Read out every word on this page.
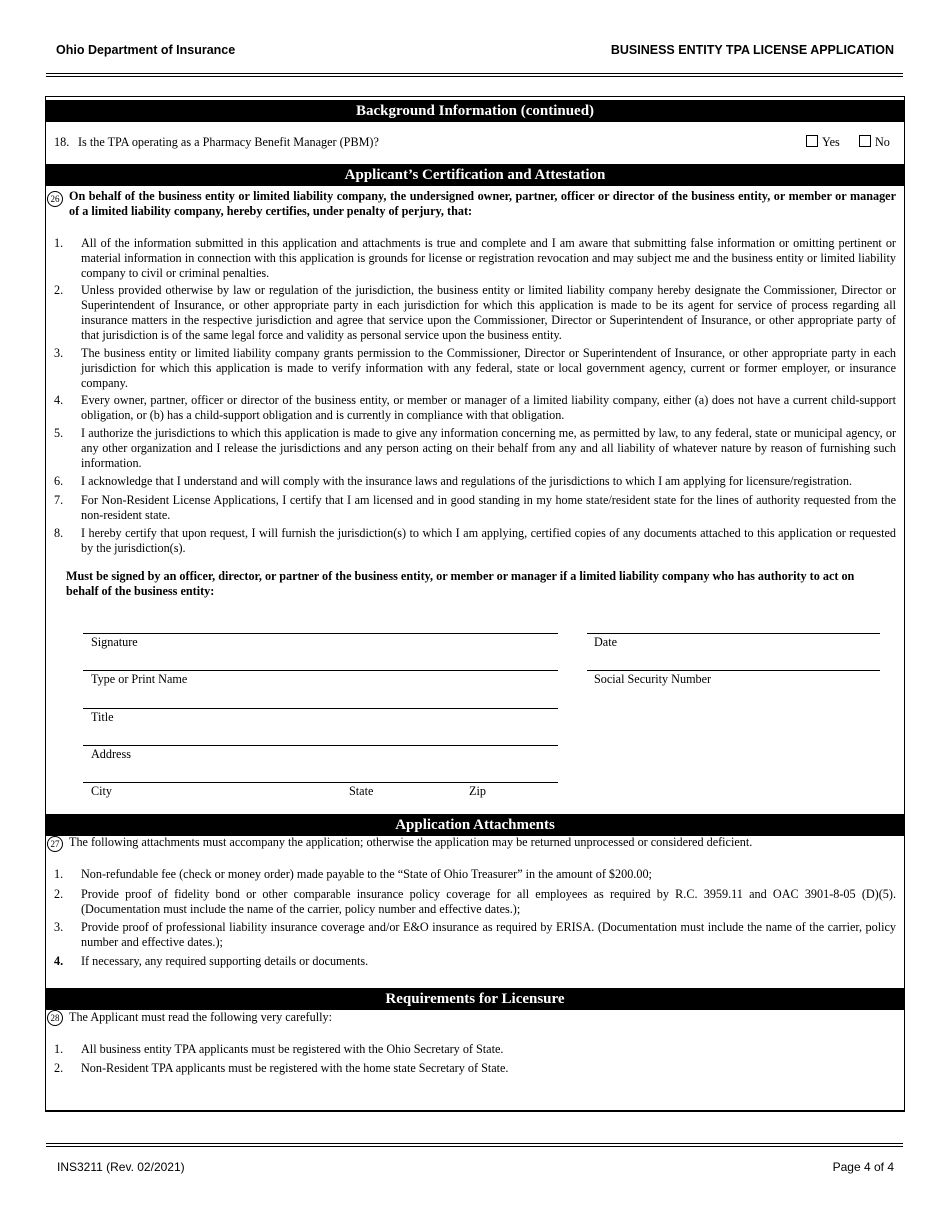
Ohio Department of Insurance	BUSINESS ENTITY TPA LICENSE APPLICATION
Background Information (continued)
18. Is the TPA operating as a Pharmacy Benefit Manager (PBM)?	Yes	No
Applicant’s Certification and Attestation
26 On behalf of the business entity or limited liability company, the undersigned owner, partner, officer or director of the business entity, or member or manager of a limited liability company, hereby certifies, under penalty of perjury, that:
1. All of the information submitted in this application and attachments is true and complete and I am aware that submitting false information or omitting pertinent or material information in connection with this application is grounds for license or registration revocation and may subject me and the business entity or limited liability company to civil or criminal penalties.
2. Unless provided otherwise by law or regulation of the jurisdiction, the business entity or limited liability company hereby designate the Commissioner, Director or Superintendent of Insurance, or other appropriate party in each jurisdiction for which this application is made to be its agent for service of process regarding all insurance matters in the respective jurisdiction and agree that service upon the Commissioner, Director or Superintendent of Insurance, or other appropriate party of that jurisdiction is of the same legal force and validity as personal service upon the business entity.
3. The business entity or limited liability company grants permission to the Commissioner, Director or Superintendent of Insurance, or other appropriate party in each jurisdiction for which this application is made to verify information with any federal, state or local government agency, current or former employer, or insurance company.
4. Every owner, partner, officer or director of the business entity, or member or manager of a limited liability company, either (a) does not have a current child-support obligation, or (b) has a child-support obligation and is currently in compliance with that obligation.
5. I authorize the jurisdictions to which this application is made to give any information concerning me, as permitted by law, to any federal, state or municipal agency, or any other organization and I release the jurisdictions and any person acting on their behalf from any and all liability of whatever nature by reason of furnishing such information.
6. I acknowledge that I understand and will comply with the insurance laws and regulations of the jurisdictions to which I am applying for licensure/registration.
7. For Non-Resident License Applications, I certify that I am licensed and in good standing in my home state/resident state for the lines of authority requested from the non-resident state.
8. I hereby certify that upon request, I will furnish the jurisdiction(s) to which I am applying, certified copies of any documents attached to this application or requested by the jurisdiction(s).
Must be signed by an officer, director, or partner of the business entity, or member or manager if a limited liability company who has authority to act on behalf of the business entity:
Signature	Date
Type or Print Name	Social Security Number
Title
Address
City	State	Zip
Application Attachments
27 The following attachments must accompany the application; otherwise the application may be returned unprocessed or considered deficient.
1. Non-refundable fee (check or money order) made payable to the “State of Ohio Treasurer” in the amount of $200.00;
2. Provide proof of fidelity bond or other comparable insurance policy coverage for all employees as required by R.C. 3959.11 and OAC 3901-8-05 (D)(5). (Documentation must include the name of the carrier, policy number and effective dates.);
3. Provide proof of professional liability insurance coverage and/or E&O insurance as required by ERISA. (Documentation must include the name of the carrier, policy number and effective dates.);
4. If necessary, any required supporting details or documents.
Requirements for Licensure
28 The Applicant must read the following very carefully:
1. All business entity TPA applicants must be registered with the Ohio Secretary of State.
2. Non-Resident TPA applicants must be registered with the home state Secretary of State.
INS3211 (Rev. 02/2021)	Page 4 of 4
